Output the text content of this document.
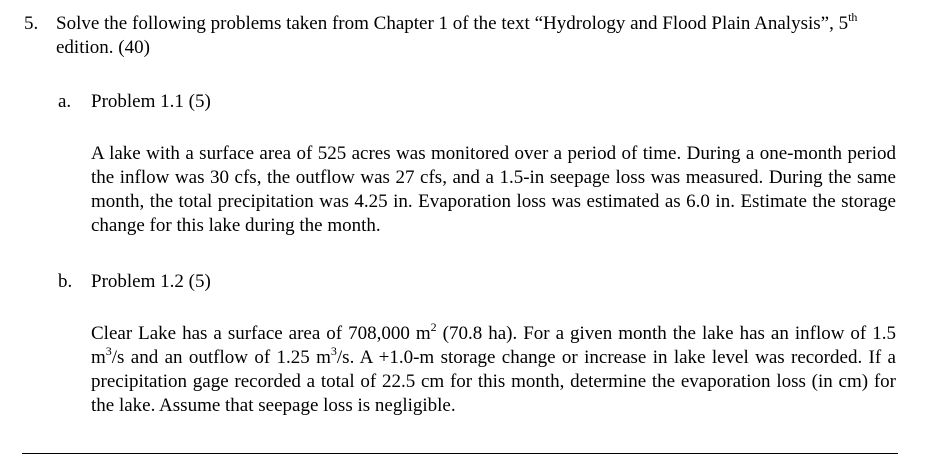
5. Solve the following problems taken from Chapter 1 of the text “Hydrology and Flood Plain Analysis”, 5th edition. (40)
a. Problem 1.1 (5)
A lake with a surface area of 525 acres was monitored over a period of time. During a one-month period the inflow was 30 cfs, the outflow was 27 cfs, and a 1.5-in seepage loss was measured. During the same month, the total precipitation was 4.25 in. Evaporation loss was estimated as 6.0 in. Estimate the storage change for this lake during the month.
b. Problem 1.2 (5)
Clear Lake has a surface area of 708,000 $m^2$ (70.8 ha). For a given month the lake has an inflow of 1.5 $m^3/s$ and an outflow of 1.25 $m^3/s$. A +1.0-m storage change or increase in lake level was recorded. If a precipitation gage recorded a total of 22.5 cm for this month, determine the evaporation loss (in cm) for the lake. Assume that seepage loss is negligible.
